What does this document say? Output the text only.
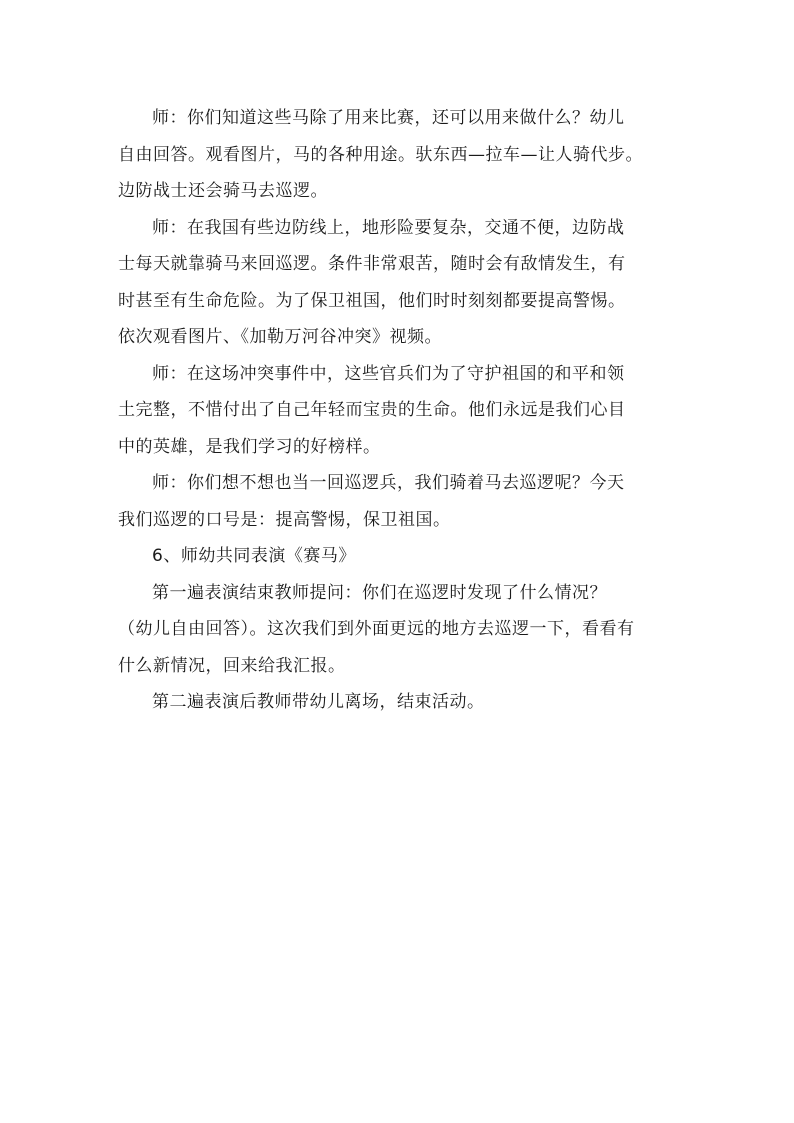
师：你们知道这些马除了用来比赛，还可以用来做什么？幼儿
自由回答。观看图片，马的各种用途。驮东西—拉车—让人骑代步。
边防战士还会骑马去巡逻。

师：在我国有些边防线上，地形险要复杂，交通不便，边防战
士每天就靠骑马来回巡逻。条件非常艰苦，随时会有敌情发生，有
时甚至有生命危险。为了保卫祖国，他们时时刻刻都要提高警惕。
依次观看图片、《加勒万河谷冲突》视频。

师：在这场冲突事件中，这些官兵们为了守护祖国的和平和领
土完整，不惜付出了自己年轻而宝贵的生命。他们永远是我们心目
中的英雄，是我们学习的好榜样。

师：你们想不想也当一回巡逻兵，我们骑着马去巡逻呢？今天
我们巡逻的口号是：提高警惕，保卫祖国。

6、师幼共同表演《赛马》

第一遍表演结束教师提问：你们在巡逻时发现了什么情况？
（幼儿自由回答）。这次我们到外面更远的地方去巡逻一下，看看有
什么新情况，回来给我汇报。

第二遍表演后教师带幼儿离场，结束活动。
